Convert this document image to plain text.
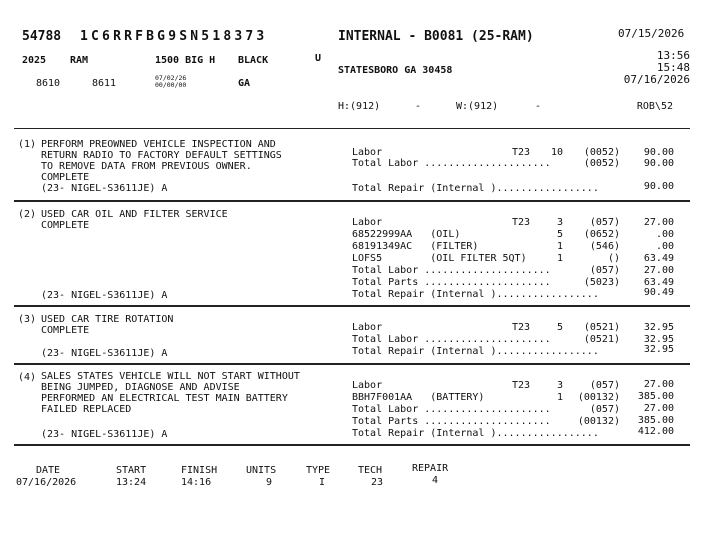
54788 1C6RRFBG9SN518373	INTERNAL - B0081 (25-RAM)	07/15/2026
2025 RAM	1500 BIG H BLACK	U	13:56
15:48
07/16/2026
STATESBORO GA 30458
8610	8611	07/02/26
00/00/00	GA
H:(912)	-	W:(912)	-	ROB\52
(1) PERFORM PREOWNED VEHICLE INSPECTION AND
RETURN RADIO TO FACTORY DEFAULT SETTINGS
TO REMOVE DATA FROM PREVIOUS OWNER.
COMPLETE
(23- NIGEL-S3611JE) A
Labor	T23	10	(0052)	90.00
Total Labor .....................	(0052)	90.00
Total Repair (Internal ).................	90.00
(2) USED CAR OIL AND FILTER SERVICE
COMPLETE
(23- NIGEL-S3611JE) A
Labor	T23	3	(057)	27.00
68522999AA   (OIL)	5	(0652)	.00
68191349AC   (FILTER)	1	(546)	.00
LOFS5        (OIL FILTER 5QT)	1	()	63.49
Total Labor .....................	(057)	27.00
Total Parts .....................	(5023)	63.49
Total Repair (Internal ).................	90.49
(3) USED CAR TIRE ROTATION
COMPLETE
(23- NIGEL-S3611JE) A
Labor	T23	5	(0521)	32.95
Total Labor .....................	(0521)	32.95
Total Repair (Internal ).................	32.95
(4) SALES STATES VEHICLE WILL NOT START WITHOUT
BEING JUMPED, DIAGNOSE AND ADVISE
PERFORMED AN ELECTRICAL TEST MAIN BATTERY
FAILED REPLACED
(23- NIGEL-S3611JE) A
Labor	T23	3	(057)	27.00
BBH7F001AA   (BATTERY)	1	(00132)	385.00
Total Labor .....................	(057)	27.00
Total Parts .....................	(00132)	385.00
Total Repair (Internal ).................	412.00
DATE	START	FINISH	UNITS	TYPE	TECH	REPAIR
07/16/2026	13:24	14:16	9	I	23	4
